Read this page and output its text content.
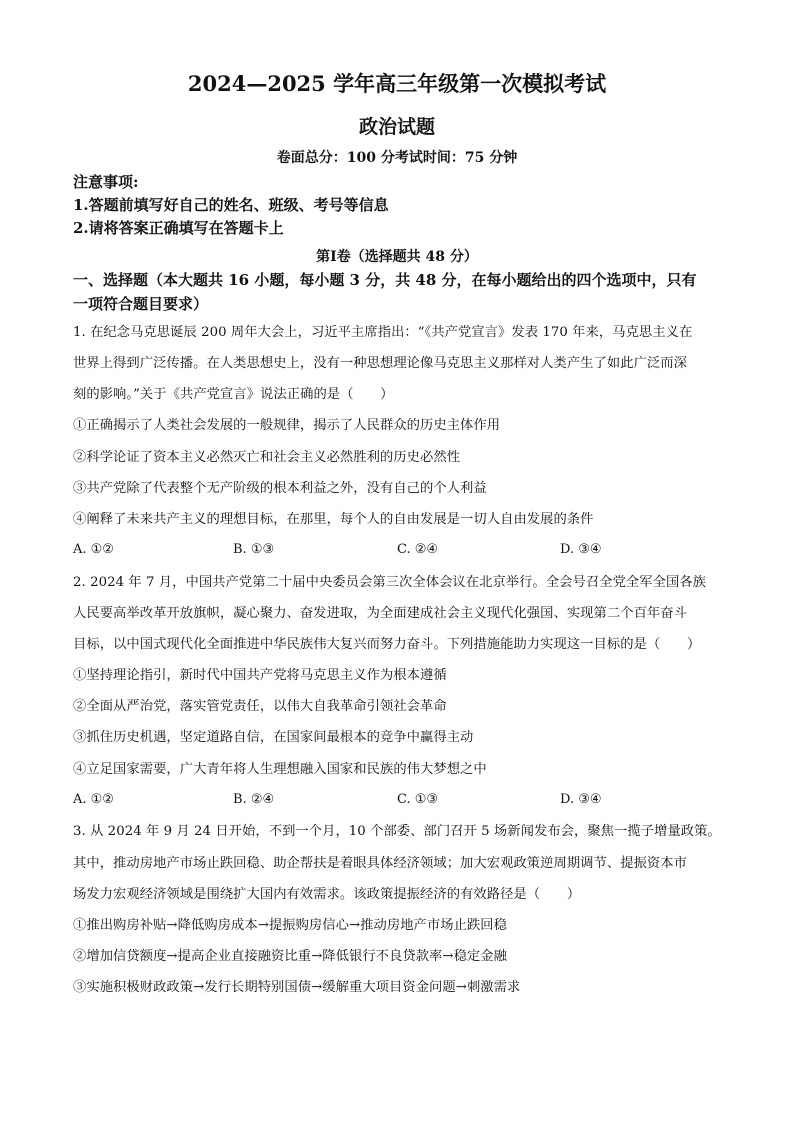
2024—2025 学年高三年级第一次模拟考试
政治试题
卷面总分：100 分考试时间：75 分钟
注意事项:
1.答题前填写好自己的姓名、班级、考号等信息
2.请将答案正确填写在答题卡上
第Ⅰ卷（选择题共 48 分）
一、选择题（本大题共 16 小题，每小题 3 分，共 48 分，在每小题给出的四个选项中，只有
一项符合题目要求）
1. 在纪念马克思诞辰 200 周年大会上，习近平主席指出：“《共产党宣言》发表 170 年来，马克思主义在
世界上得到广泛传播。在人类思想史上，没有一种思想理论像马克思主义那样对人类产生了如此广泛而深
刻的影响。”关于《共产党宣言》说法正确的是（　　）
①正确揭示了人类社会发展的一般规律，揭示了人民群众的历史主体作用
②科学论证了资本主义必然灭亡和社会主义必然胜利的历史必然性
③共产党除了代表整个无产阶级的根本利益之外，没有自己的个人利益
④阐释了未来共产主义的理想目标，在那里，每个人的自由发展是一切人自由发展的条件
A. ①②	B. ①③	C. ②④	D. ③④
2. 2024 年 7 月，中国共产党第二十届中央委员会第三次全体会议在北京举行。全会号召全党全军全国各族
人民要高举改革开放旗帜，凝心聚力、奋发进取，为全面建成社会主义现代化强国、实现第二个百年奋斗
目标，以中国式现代化全面推进中华民族伟大复兴而努力奋斗。下列措施能助力实现这一目标的是（　　）
①坚持理论指引，新时代中国共产党将马克思主义作为根本遵循
②全面从严治党，落实管党责任，以伟大自我革命引领社会革命
③抓住历史机遇，坚定道路自信，在国家间最根本的竞争中赢得主动
④立足国家需要，广大青年将人生理想融入国家和民族的伟大梦想之中
A. ①②	B. ②④	C. ①③	D. ③④
3. 从 2024 年 9 月 24 日开始，不到一个月，10 个部委、部门召开 5 场新闻发布会，聚焦一揽子增量政策。
其中，推动房地产市场止跌回稳、助企帮扶是着眼具体经济领域；加大宏观政策逆周期调节、提振资本市
场发力宏观经济领域是围绕扩大国内有效需求。该政策提振经济的有效路径是（　　）
①推出购房补贴→降低购房成本→提振购房信心→推动房地产市场止跌回稳
②增加信贷额度→提高企业直接融资比重→降低银行不良贷款率→稳定金融
③实施积极财政政策→发行长期特别国债→缓解重大项目资金问题→刺激需求
